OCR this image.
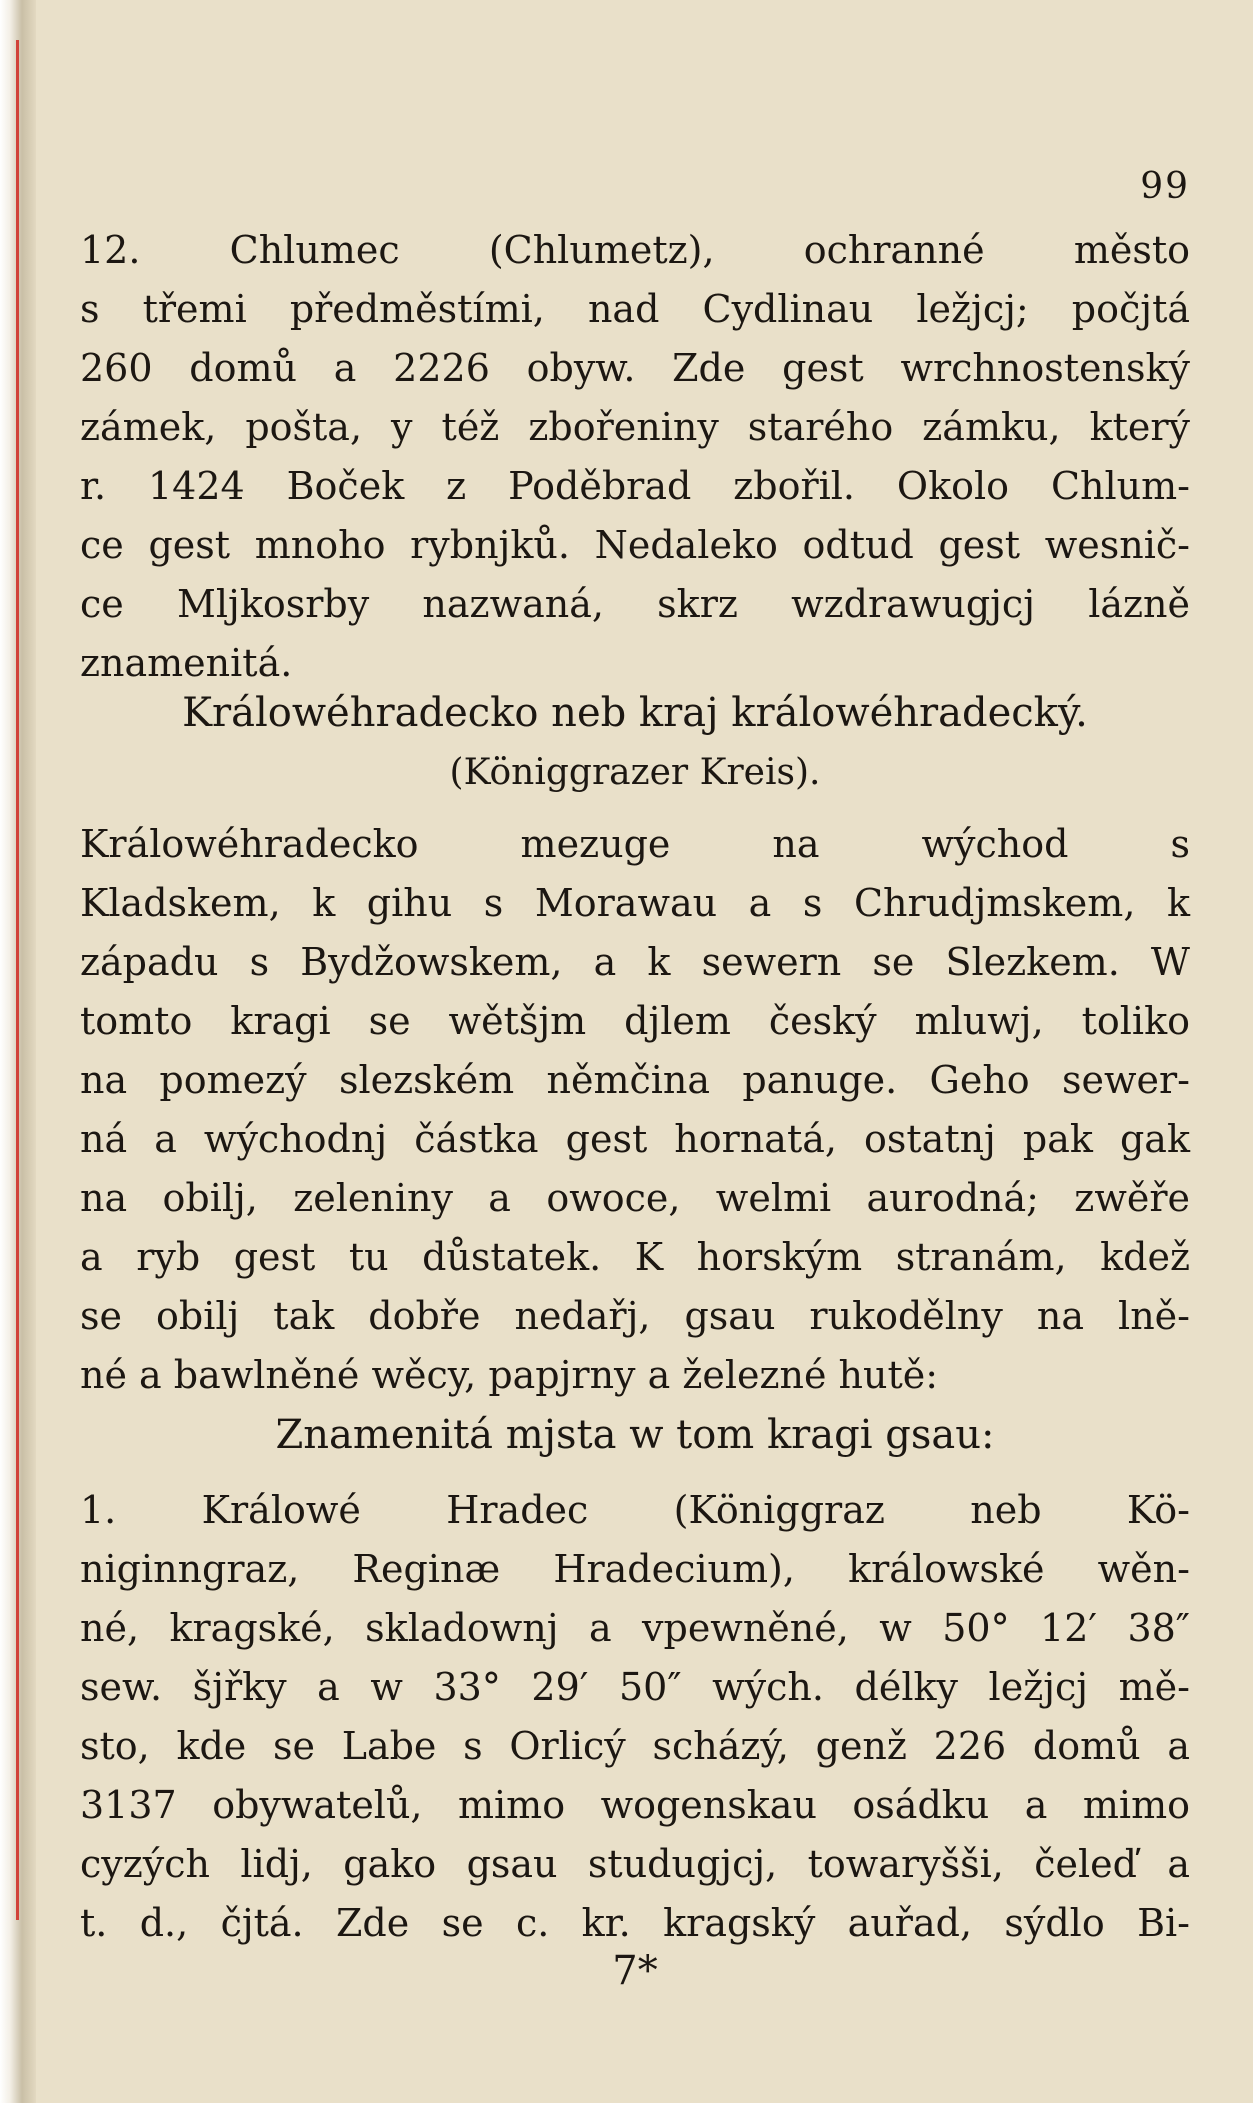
99
12. Chlumec (Chlumetz), ochranné město
s třemi předměstími, nad Cydlinau ležjcj; počjtá
260 domů a 2226 obyw. Zde gest wrchnostenský
zámek, pošta, y též zbořeniny starého zámku, který
r. 1424 Boček z Poděbrad zbořil. Okolo Chlum-
ce gest mnoho rybnjků. Nedaleko odtud gest wesnič-
ce Mljkosrby nazwaná, skrz wzdrawugjcj lázně
znamenitá.
Králowéhradecko neb kraj králowéhradecký.
(Königgrazer Kreis).
Králowéhradecko mezuge na wýchod s
Kladskem, k gihu s Morawau a s Chrudjmskem, k
západu s Bydžowskem, a k sewern se Slezkem. W
tomto kragi se wětšjm djlem český mluwj, toliko
na pomezý slezském němčina panuge. Geho sewer-
ná a wýchodnj částka gest hornatá, ostatnj pak gak
na obilj, zeleniny a owoce, welmi aurodná; zwěře
a ryb gest tu důstatek. K horským stranám, kdež
se obilj tak dobře nedařj, gsau rukodělny na lně-
né a bawlněné wěcy, papjrny a železné hutě:
Znamenitá mjsta w tom kragi gsau:
1. Králowé Hradec (Königgraz neb Kö-
niginngraz, Reginæ Hradecium), králowské wěn-
né, kragské, skladownj a vpewněné, w 50° 12′ 38″
sew. šjřky a w 33° 29′ 50″ wých. délky ležjcj mě-
sto, kde se Labe s Orlicý scházý, genž 226 domů a
3137 obywatelů, mimo wogenskau osádku a mimo
cyzých lidj, gako gsau studugjcj, towaryšši, čeleď a
t. d., čjtá. Zde se c. kr. kragský auřad, sýdlo Bi-
7*
